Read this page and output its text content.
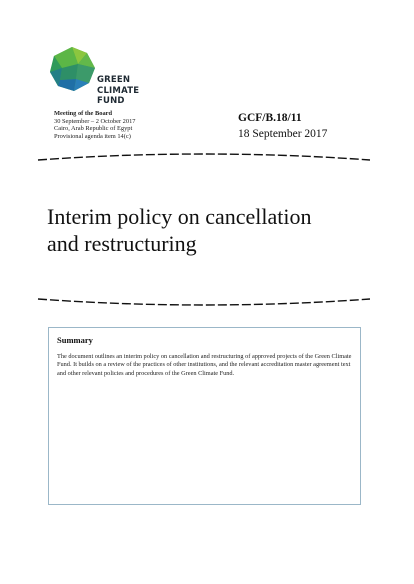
GREEN
CLIMATE
FUND
Meeting of the Board
30 September – 2 October 2017
Cairo, Arab Republic of Egypt
Provisional agenda item 14(c)
GCF/B.18/11
18 September 2017
Interim policy on cancellation
and restructuring
Summary

The document outlines an interim policy on cancellation and restructuring of approved projects of the Green Climate Fund. It builds on a review of the practices of other institutions, and the relevant accreditation master agreement text and other relevant policies and procedures of the Green Climate Fund.
